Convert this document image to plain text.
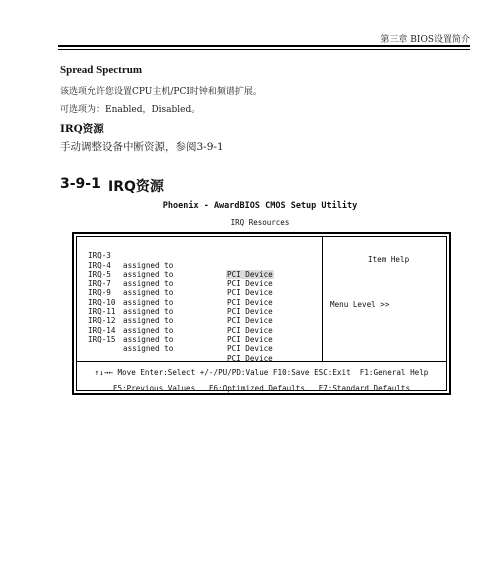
第三章 BIOS设置简介
Spread Spectrum
该选项允许您设置CPU主机/PCI时钟和频谱扩展。
可选项为：Enabled，Disabled。
IRQ资源
手动调整设备中断资源，参阅3-9-1
3-9-1 IRQ资源
Phoenix - AwardBIOS CMOS Setup Utility
IRQ Resources

IRQ-3

assigned to

PCI Device

IRQ-4

assigned to

PCI Device

IRQ-5

assigned to

PCI Device

IRQ-7

assigned to

PCI Device

IRQ-9

assigned to

PCI Device

IRQ-10

assigned to

PCI Device

IRQ-11

assigned to

PCI Device

IRQ-12

assigned to

PCI Device

IRQ-14

assigned to

PCI Device

IRQ-15

assigned to

PCI Device

Item Help
Menu Level >>
↑↓→← Move Enter:Select +/-/PU/PD:Value F10:Save ESC:Exit  F1:General Help
F5:Previous Values   F6:Optimized Defaults   F7:Standard Defaults
